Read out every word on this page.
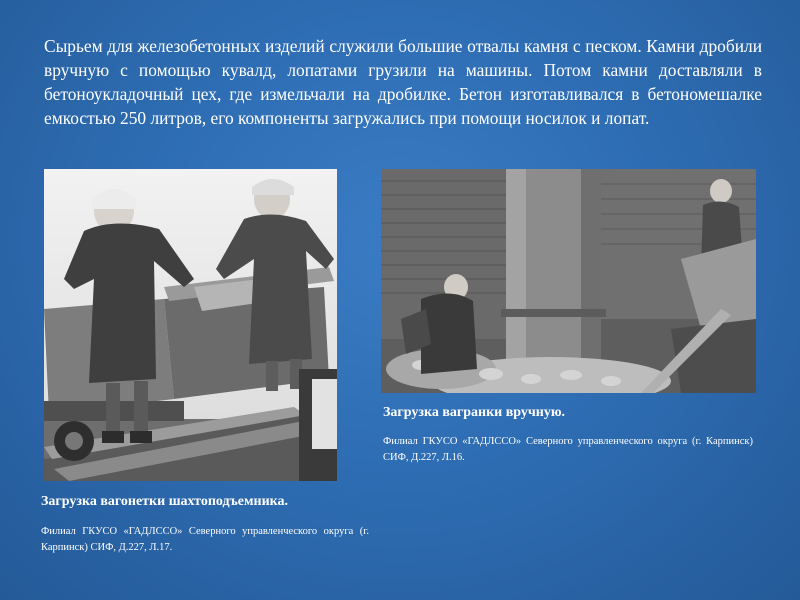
Сырьем для железобетонных изделий служили большие отвалы камня с песком. Камни дробили вручную с помощью кувалд, лопатами грузили на машины. Потом камни доставляли в бетоноукладочный цех, где измельчали на дробилке. Бетон изготавливался в бетономешалке емкостью 250 литров, его компоненты загружались при помощи носилок и лопат.

Загрузка вагранки вручную.

Филиал ГКУСО «ГАДЛССО» Северного управленческого округа (г. Карпинск) СИФ, Д.227, Л.16.

Загрузка вагонетки шахтоподъемника.

Филиал ГКУСО «ГАДЛССО» Северного управленческого округа (г. Карпинск) СИФ, Д.227, Л.17.
